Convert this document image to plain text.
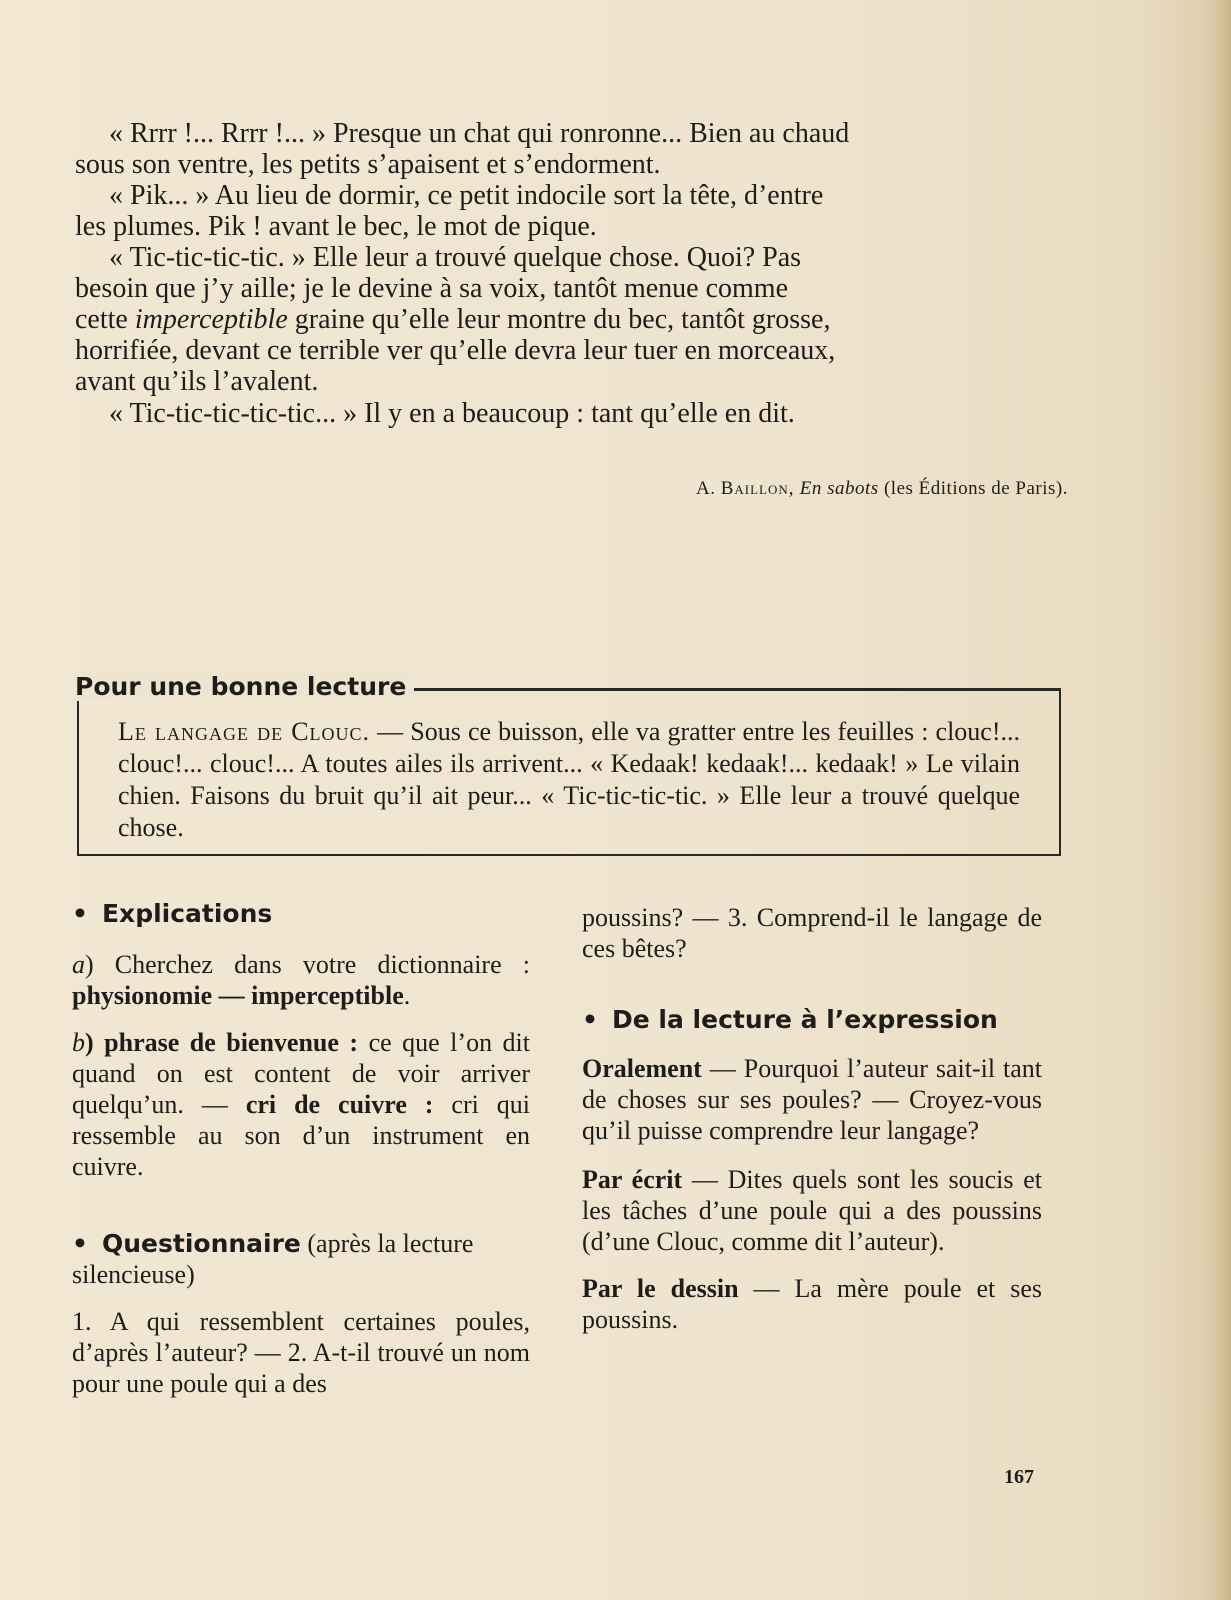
« Rrrr !... Rrrr !... » Presque un chat qui ronronne... Bien au chaud
sous son ventre, les petits s’apaisent et s’endorment.

« Pik... » Au lieu de dormir, ce petit indocile sort la tête, d’entre
les plumes. Pik ! avant le bec, le mot de pique.

« Tic-tic-tic-tic. » Elle leur a trouvé quelque chose. Quoi? Pas
besoin que j’y aille; je le devine à sa voix, tantôt menue comme
cette imperceptible graine qu’elle leur montre du bec, tantôt grosse,
horrifiée, devant ce terrible ver qu’elle devra leur tuer en morceaux,
avant qu’ils l’avalent.

« Tic-tic-tic-tic-tic... » Il y en a beaucoup : tant qu’elle en dit.

A. Baillon, En sabots (les Éditions de Paris).
Pour une bonne lecture

Le langage de Clouc. — Sous ce buisson, elle va gratter entre les feuilles : clouc!... clouc!... clouc!... A toutes ailes ils arrivent... « Kedaak! kedaak!... kedaak! » Le vilain chien. Faisons du bruit qu’il ait peur... « Tic-tic-tic-tic. » Elle leur a trouvé quelque chose.

• Explications

a) Cherchez dans votre dictionnaire : physionomie — imperceptible.

b) phrase de bienvenue : ce que l’on dit quand on est content de voir arriver quelqu’un. — cri de cuivre : cri qui ressemble au son d’un instrument en cuivre.

• Questionnaire (après la lecture silencieuse)

1. A qui ressemblent certaines poules, d’après l’auteur? — 2. A-t-il trouvé un nom pour une poule qui a des

poussins? — 3. Comprend-il le langage de ces bêtes?

• De la lecture à l’expression

Oralement — Pourquoi l’auteur sait-il tant de choses sur ses poules? — Croyez-vous qu’il puisse comprendre leur langage?

Par écrit — Dites quels sont les soucis et les tâches d’une poule qui a des poussins (d’une Clouc, comme dit l’auteur).

Par le dessin — La mère poule et ses poussins.

167
